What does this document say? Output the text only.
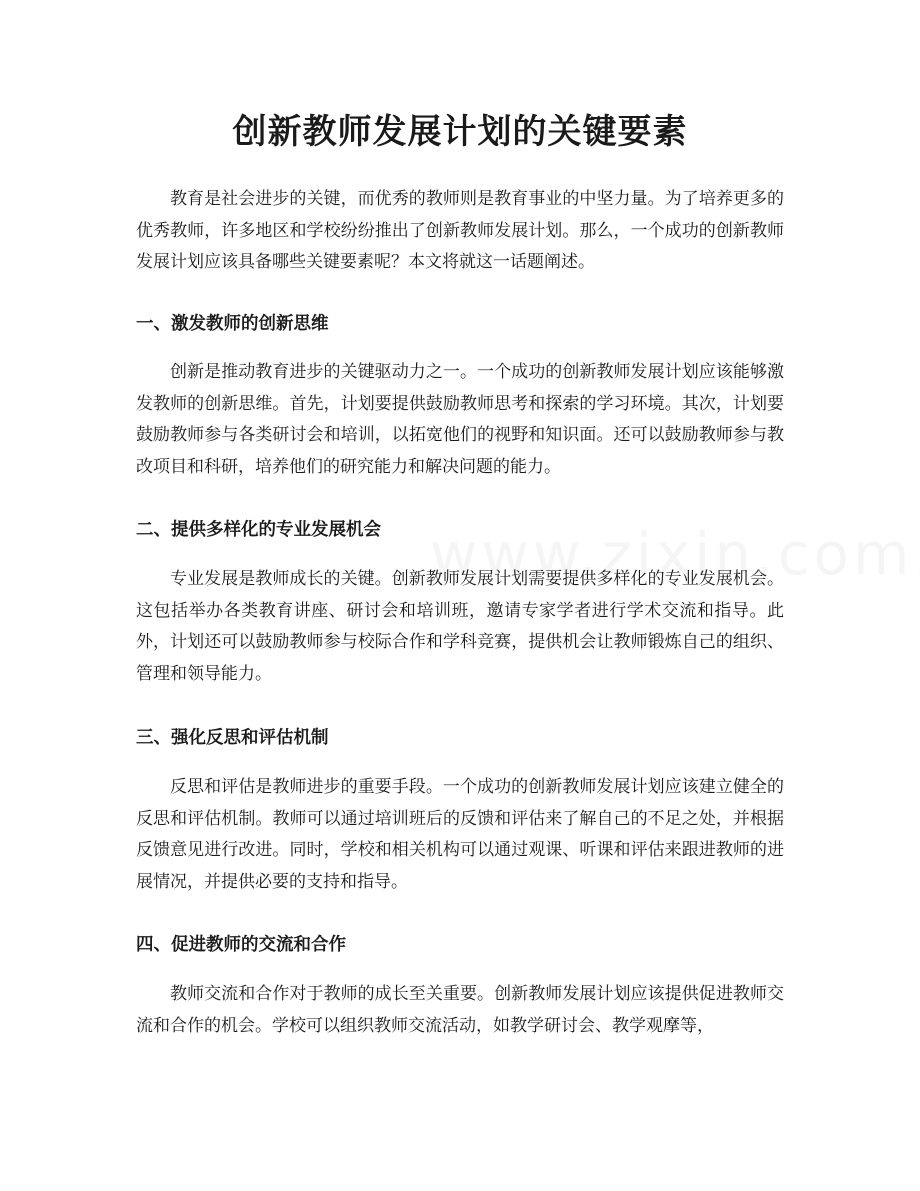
创新教师发展计划的关键要素

教育是社会进步的关键，而优秀的教师则是教育事业的中坚力量。为了培养更多的优秀教师，许多地区和学校纷纷推出了创新教师发展计划。那么，一个成功的创新教师发展计划应该具备哪些关键要素呢？本文将就这一话题阐述。

一、激发教师的创新思维

创新是推动教育进步的关键驱动力之一。一个成功的创新教师发展计划应该能够激发教师的创新思维。首先，计划要提供鼓励教师思考和探索的学习环境。其次，计划要鼓励教师参与各类研讨会和培训，以拓宽他们的视野和知识面。还可以鼓励教师参与教改项目和科研，培养他们的研究能力和解决问题的能力。

二、提供多样化的专业发展机会

专业发展是教师成长的关键。创新教师发展计划需要提供多样化的专业发展机会。这包括举办各类教育讲座、研讨会和培训班，邀请专家学者进行学术交流和指导。此外，计划还可以鼓励教师参与校际合作和学科竞赛，提供机会让教师锻炼自己的组织、管理和领导能力。

三、强化反思和评估机制

反思和评估是教师进步的重要手段。一个成功的创新教师发展计划应该建立健全的反思和评估机制。教师可以通过培训班后的反馈和评估来了解自己的不足之处，并根据反馈意见进行改进。同时，学校和相关机构可以通过观课、听课和评估来跟进教师的进展情况，并提供必要的支持和指导。

四、促进教师的交流和合作

教师交流和合作对于教师的成长至关重要。创新教师发展计划应该提供促进教师交流和合作的机会。学校可以组织教师交流活动，如教学研讨会、教学观摩等，
